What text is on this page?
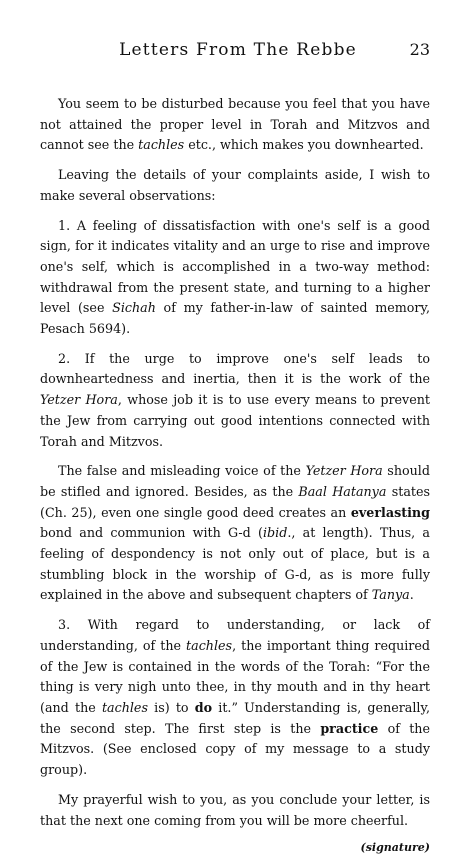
Letters From The Rebbe	23

You seem to be disturbed because you feel that you have not attained the proper level in Torah and Mitzvos and cannot see the tachles etc., which makes you downhearted.

Leaving the details of your complaints aside, I wish to make several observations:

1. A feeling of dissatisfaction with one's self is a good sign, for it indicates vitality and an urge to rise and improve one's self, which is accomplished in a two-way method: withdrawal from the present state, and turning to a higher level (see Sichah of my father-in-law of sainted memory, Pesach 5694).

2. If the urge to improve one's self leads to downheartedness and inertia, then it is the work of the Yetzer Hora, whose job it is to use every means to prevent the Jew from carrying out good intentions connected with Torah and Mitzvos.

The false and misleading voice of the Yetzer Hora should be stifled and ignored. Besides, as the Baal Hatanya states (Ch. 25), even one single good deed creates an everlasting bond and communion with G-d (ibid., at length). Thus, a feeling of despondency is not only out of place, but is a stumbling block in the worship of G-d, as is more fully explained in the above and subsequent chapters of Tanya.

3. With regard to understanding, or lack of understanding, of the tachles, the important thing required of the Jew is contained in the words of the Torah: “For the thing is very nigh unto thee, in thy mouth and in thy heart (and the tachles is) to do it.” Understanding is, generally, the second step. The first step is the practice of the Mitzvos. (See enclosed copy of my message to a study group).

My prayerful wish to you, as you conclude your letter, is that the next one coming from you will be more cheerful.

(signature)
